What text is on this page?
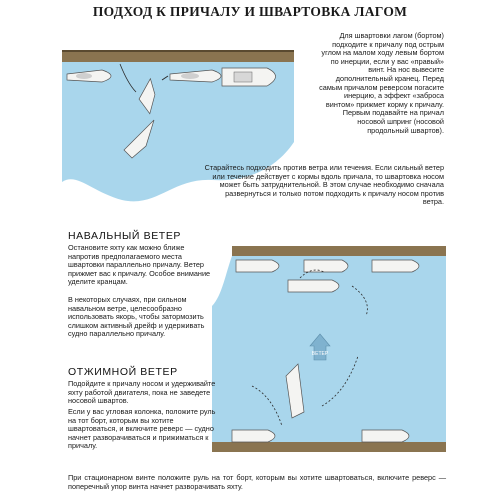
ПОДХОД К ПРИЧАЛУ И ШВАРТОВКА ЛАГОМ

Для швартовки лагом (бортом) подходите к причалу под острым углом на малом ходу левым бортом по инерции, если у вас «правый» винт. На нос вывесите дополнительный кранец. Перед самым причалом реверсом погасите инерцию, а эффект «заброса винтом» прижмет корму к причалу. Первым подавайте на причал носовой шпринг (носовой продольный швартов).

Старайтесь подходить против ветра или течения. Если сильный ветер или течение действует с кормы вдоль причала, то швартовка носом может быть затруднительной. В этом случае необходимо сначала развернуться и только потом подходить к причалу носом против ветра.

НАВАЛЬНЫЙ ВЕТЕР

Остановите яхту как можно ближе напротив предполагаемого места швартовки параллельно причалу. Ветер прижмет вас к причалу. Особое внимание уделите кранцам.

В некоторых случаях, при сильном навальном ветре, целесообразно использовать якорь, чтобы затормозить слишком активный дрейф и удерживать судно параллельно причалу.

ВЕТЕР
ОТЖИМНОЙ ВЕТЕР

Подойдите к причалу носом и удерживайте яхту работой двигателя, пока не заведете носовой швартов.

Если у вас угловая колонка, положите руль на тот борт, которым вы хотите швартоваться, и включите реверс — судно начнет разворачиваться и прижиматься к причалу.

При стационарном винте положите руль на тот борт, которым вы хотите швартоваться, включите реверс — поперечный упор винта начнет разворачивать яхту.
